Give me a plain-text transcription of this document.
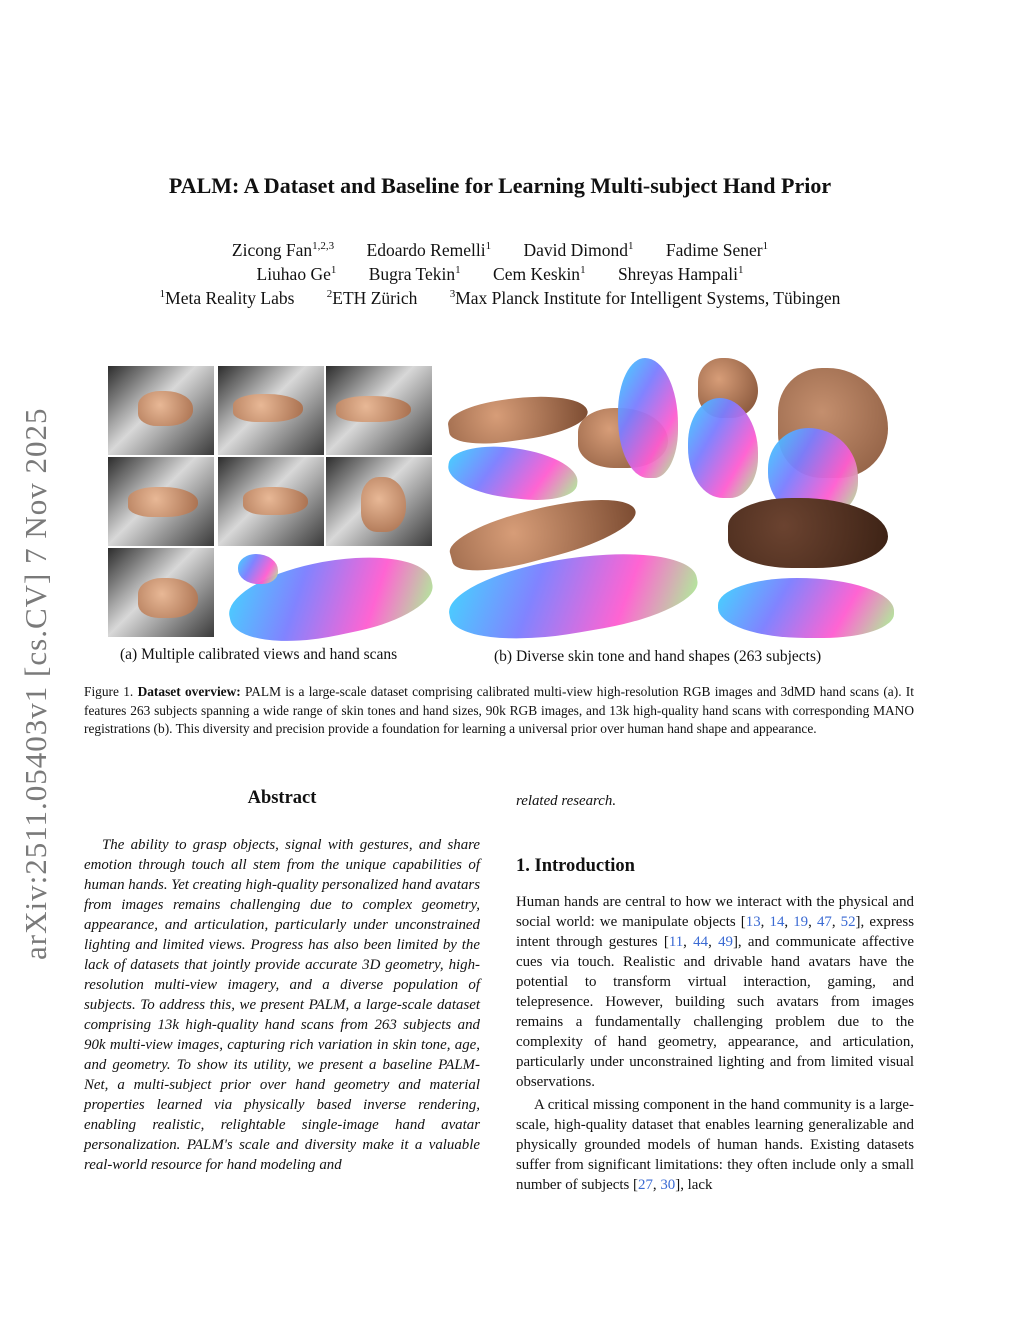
arXiv:2511.05403v1 [cs.CV] 7 Nov 2025
PALM: A Dataset and Baseline for Learning Multi-subject Hand Prior
Zicong Fan$^{1,2,3}$ Edoardo Remelli$^1$ David Dimond$^1$ Fadime Sener$^1$
Liuhao Ge$^1$ Bugra Tekin$^1$ Cem Keskin$^1$ Shreyas Hampali$^1$
$^1$Meta Reality Labs	$^2$ETH Zürich	$^3$Max Planck Institute for Intelligent Systems, Tübingen
(a) Multiple calibrated views and hand scans	(b) Diverse skin tone and hand shapes (263 subjects)
Figure 1. Dataset overview: PALM is a large-scale dataset comprising calibrated multi-view high-resolution RGB images and 3dMD hand scans (a). It features 263 subjects spanning a wide range of skin tones and hand sizes, 90k RGB images, and 13k high-quality hand scans with corresponding MANO registrations (b). This diversity and precision provide a foundation for learning a universal prior over human hand shape and appearance.
Abstract
The ability to grasp objects, signal with gestures, and share emotion through touch all stem from the unique capabilities of human hands. Yet creating high-quality personalized hand avatars from images remains challenging due to complex geometry, appearance, and articulation, particularly under unconstrained lighting and limited views. Progress has also been limited by the lack of datasets that jointly provide accurate 3D geometry, high-resolution multi-view imagery, and a diverse population of subjects. To address this, we present PALM, a large-scale dataset comprising 13k high-quality hand scans from 263 subjects and 90k multi-view images, capturing rich variation in skin tone, age, and geometry. To show its utility, we present a baseline PALM-Net, a multi-subject prior over hand geometry and material properties learned via physically based inverse rendering, enabling realistic, relightable single-image hand avatar personalization. PALM's scale and diversity make it a valuable real-world resource for hand modeling and
related research.
1. Introduction
Human hands are central to how we interact with the physical and social world: we manipulate objects [13, 14, 19, 47, 52], express intent through gestures [11, 44, 49], and communicate affective cues via touch. Realistic and drivable hand avatars have the potential to transform virtual interaction, gaming, and telepresence. However, building such avatars from images remains a fundamentally challenging problem due to the complexity of hand geometry, appearance, and articulation, particularly under unconstrained lighting and from limited visual observations.
A critical missing component in the hand community is a large-scale, high-quality dataset that enables learning generalizable and physically grounded models of human hands. Existing datasets suffer from significant limitations: they often include only a small number of subjects [27, 30], lack
